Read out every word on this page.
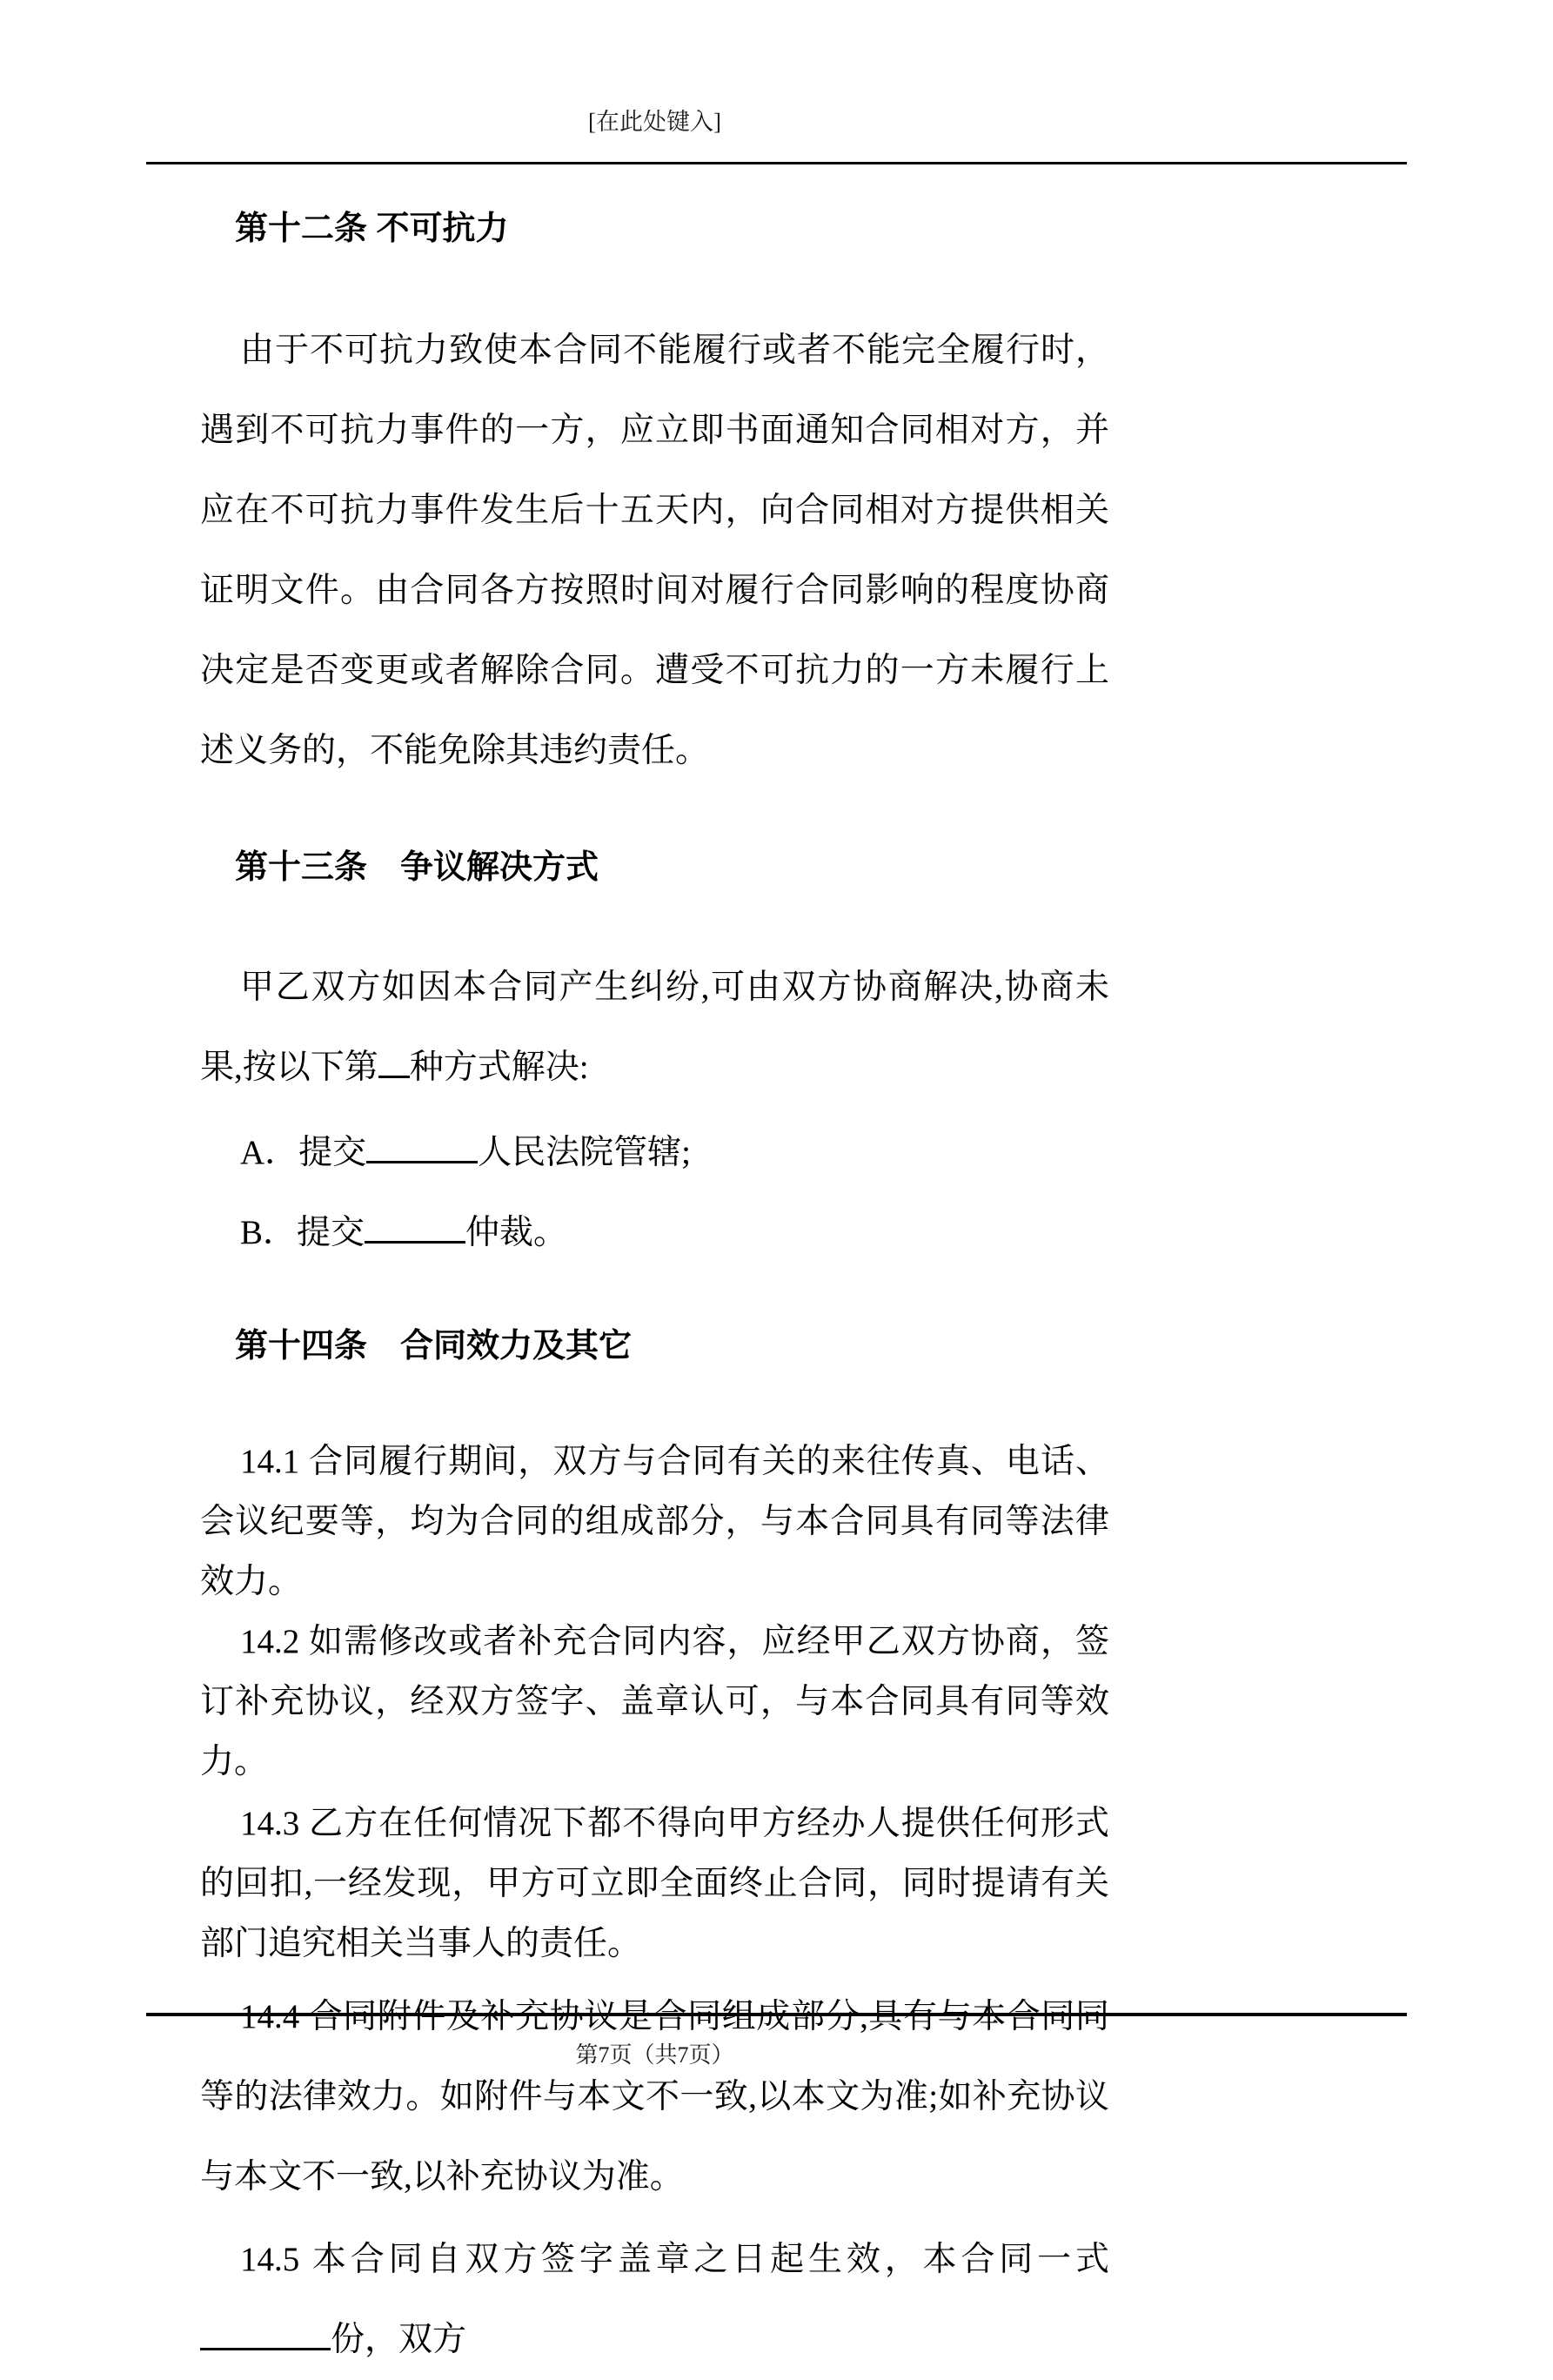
[在此处键入]

第十二条 不可抗力

由于不可抗力致使本合同不能履行或者不能完全履行时，遇到不可抗力事件的一方，应立即书面通知合同相对方，并应在不可抗力事件发生后十五天内，向合同相对方提供相关证明文件。由合同各方按照时间对履行合同影响的程度协商决定是否变更或者解除合同。遭受不可抗力的一方未履行上述义务的，不能免除其违约责任。

第十三条　争议解决方式

甲乙双方如因本合同产生纠纷,可由双方协商解决,协商未果,按以下第 种方式解决:

A．提交	人民法院管辖;

B．提交	仲裁。

第十四条　合同效力及其它

14.1 合同履行期间，双方与合同有关的来往传真、电话、会议纪要等，均为合同的组成部分，与本合同具有同等法律效力。

14.2 如需修改或者补充合同内容，应经甲乙双方协商，签订补充协议，经双方签字、盖章认可，与本合同具有同等效力。

14.3 乙方在任何情况下都不得向甲方经办人提供任何形式的回扣,一经发现，甲方可立即全面终止合同，同时提请有关部门追究相关当事人的责任。

14.4 合同附件及补充协议是合同组成部分,具有与本合同同等的法律效力。如附件与本文不一致,以本文为准;如补充协议与本文不一致,以补充协议为准。

14.5 本合同自双方签字盖章之日起生效，本合同一式份，双方

第7页（共7页）
